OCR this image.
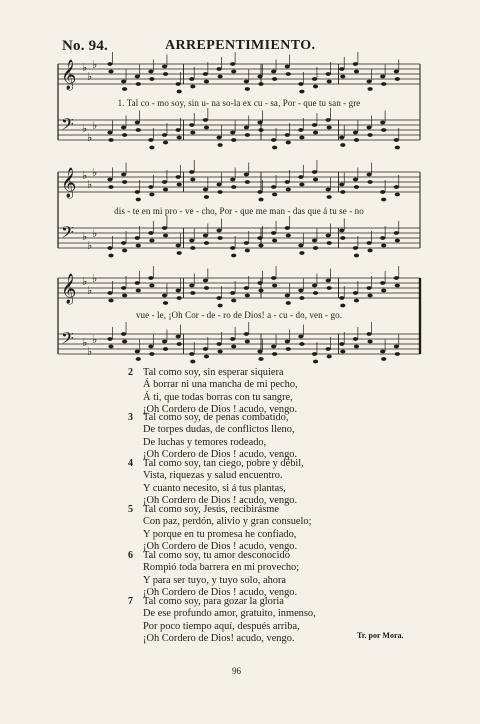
No. 94.	ARREPENTIMIENTO.
𝄞 ♭
♭
♭
𝄢 ♭
♭
♭
1. Tal co - mo soy, sin u- na so-la ex cu - sa, Por - que tu san - gre
𝄞 ♭
♭
♭
𝄢 ♭
♭
♭
dis - te en mi pro - ve - cho, Por - que me man - das que á tu se - no
𝄞 ♭
♭
♭
𝄢 ♭
♭
♭
vue - le, ¡Oh Cor - de - ro de Dios! a - cu - do, ven - go.
2 Tal como soy, sin esperar siquiera
Á borrar ni una mancha de mi pecho,
Á ti, que todas borras con tu sangre,
¡Oh Cordero de Dios ! acudo, vengo.
3 Tal como soy, de penas combatido,
De torpes dudas, de conflictos lleno,
De luchas y temores rodeado,
¡Oh Cordero de Dios ! acudo, vengo.
4 Tal como soy, tan ciego, pobre y débil,
Vista, riquezas y salud encuentro.
Y cuanto necesito, si á tus plantas,
¡Oh Cordero de Dios ! acudo, vengo.
5 Tal como soy, Jesús, recibirásme
Con paz, perdón, alivio y gran consuelo;
Y porque en tu promesa he confiado,
¡Oh Cordero de Dios ! acudo, vengo.
6 Tal como soy, tu amor desconocido
Rompió toda barrera en mi provecho;
Y para ser tuyo, y tuyo solo, ahora
¡Oh Cordero de Dios ! acudo, vengo.
7 Tal como soy, para gozar la gloria
De ese profundo amor, gratuito, inmenso,
Por poco tiempo aquí, después arriba,
¡Oh Cordero de Dios! acudo, vengo.	Tr. por Mora.
96
